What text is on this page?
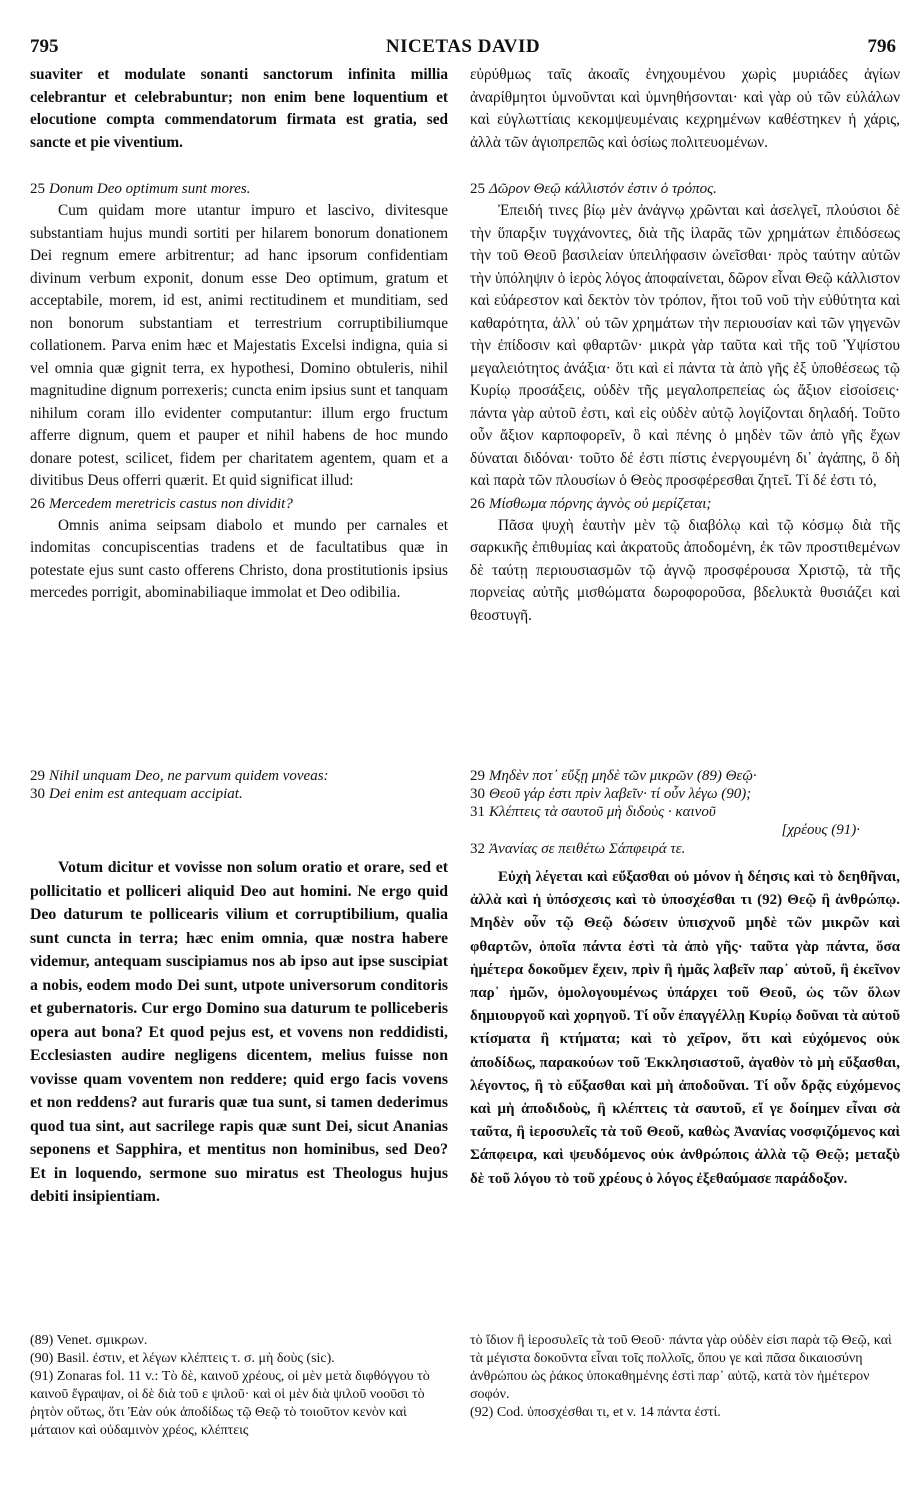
795	NICETAS DAVID	796

suaviter et modulate sonanti sanctorum infinita millia celebrantur et celebrabuntur; non enim bene loquentium et elocutione compta commendatorum firmata est gratia, sed sancte et pie viventium.

25 Donum Deo optimum sunt mores.

Cum quidam more utantur impuro et lascivo, divitesque substantiam hujus mundi sortiti per hilarem bonorum donationem Dei regnum emere arbitrentur; ad hanc ipsorum confidentiam divinum verbum exponit, donum esse Deo optimum, gratum et acceptabile, morem, id est, animi rectitudinem et munditiam, sed non bonorum substantiam et terrestrium corruptibiliumque collationem. Parva enim hæc et Majestatis Excelsi indigna, quia si vel omnia quæ gignit terra, ex hypothesi, Domino obtuleris, nihil magnitudine dignum porrexeris; cuncta enim ipsius sunt et tanquam nihilum coram illo evidenter computantur: illum ergo fructum afferre dignum, quem et pauper et nihil habens de hoc mundo donare potest, scilicet, fidem per charitatem agentem, quam et a divitibus Deus offerri quærit. Et quid significat illud:

26 Mercedem meretricis castus non dividit?

Omnis anima seipsam diabolo et mundo per carnales et indomitas concupiscentias tradens et de facultatibus quæ in potestate ejus sunt casto offerens Christo, dona prostitutionis ipsius mercedes porrigit, abominabiliaque immolat et Deo odibilia.

29 Nihil unquam Deo, ne parvum quidem voveas:

30 Dei enim est antequam accipiat.

Votum dicitur et vovisse non solum oratio et orare, sed et pollicitatio et polliceri aliquid Deo aut homini. Ne ergo quid Deo daturum te pollicearis vilium et corruptibilium, qualia sunt cuncta in terra; hæc enim omnia, quæ nostra habere videmur, antequam suscipiamus nos ab ipso aut ipse suscipiat a nobis, eodem modo Dei sunt, utpote universorum conditoris et gubernatoris. Cur ergo Domino sua daturum te polliceberis opera aut bona? Et quod pejus est, et vovens non reddidisti, Ecclesiasten audire negligens dicentem, melius fuisse non vovisse quam voventem non reddere; quid ergo facis vovens et non reddens? aut furaris quæ tua sunt, si tamen dederimus quod tua sint, aut sacrilege rapis quæ sunt Dei, sicut Ananias seponens et Sapphira, et mentitus non hominibus, sed Deo? Et in loquendo, sermone suo miratus est Theologus hujus debiti insipientiam.

(89) Venet. σμικρων.

(90) Basil. ἐστιν, et λέγων κλέπτεις τ. σ. μὴ δοὺς (sic).

(91) Zonaras fol. 11 v.: Τὸ δὲ, καινοῦ χρέους, οἱ μὲν μετὰ διφθόγγου τὸ καινοῦ ἔγραψαν, οἱ δὲ διὰ τοῦ ε ψιλοῦ· καὶ οἱ μὲν διὰ ψιλοῦ νοοῦσι τὸ ῥητὸν οὕτως, ὅτι Ἐὰν οὐκ ἀποδίδως τῷ Θεῷ τὸ τοιοῦτον κενὸν καὶ μάταιον καὶ οὐδαμινὸν χρέος, κλέπτεις

εὐρύθμως ταῖς ἀκοαῖς ἐνηχουμένου χωρὶς μυριάδες ἁγίων ἀναρίθμητοι ὑμνοῦνται καὶ ὑμνηθήσονται· καὶ γὰρ οὐ τῶν εὐλάλων καὶ εὐγλωττίαις κεκομψευμέναις κεχρημένων καθέστηκεν ἡ χάρις, ἀλλὰ τῶν ἁγιοπρεπῶς καὶ ὁσίως πολιτευομένων.

25 Δῶρον Θεῷ κάλλιστόν ἐστιν ὁ τρόπος.

Ἐπειδή τινες βίῳ μὲν ἀνάγνῳ χρῶνται καὶ ἀσελγεῖ, πλούσιοι δὲ τὴν ὕπαρξιν τυγχάνοντες, διὰ τῆς ἱλαρᾶς τῶν χρημάτων ἐπιδόσεως τὴν τοῦ Θεοῦ βασιλείαν ὑπειλήφασιν ὠνεῖσθαι· πρὸς ταύτην αὐτῶν τὴν ὑπόληψιν ὁ ἱερὸς λόγος ἀποφαίνεται, δῶρον εἶναι Θεῷ κάλλιστον καὶ εὐάρεστον καὶ δεκτὸν τὸν τρόπον, ἤτοι τοῦ νοῦ τὴν εὐθύτητα καὶ καθαρότητα, ἀλλ᾽ οὐ τῶν χρημάτων τὴν περιουσίαν καὶ τῶν γηγενῶν τὴν ἐπίδοσιν καὶ φθαρτῶν· μικρὰ γὰρ ταῦτα καὶ τῆς τοῦ Ὑψίστου μεγαλειότητος ἀνάξια· ὅτι καὶ εἰ πάντα τὰ ἀπὸ γῆς ἐξ ὑποθέσεως τῷ Κυρίῳ προσάξεις, οὐδὲν τῆς μεγαλοπρεπείας ὡς ἄξιον εἰσοίσεις· πάντα γὰρ αὐτοῦ ἐστι, καὶ εἰς οὐδὲν αὐτῷ λογίζονται δηλαδή. Τοῦτο οὖν ἄξιον καρποφορεῖν, ὃ καὶ πένης ὁ μηδὲν τῶν ἀπὸ γῆς ἔχων δύναται διδόναι· τοῦτο δέ ἐστι πίστις ἐνεργουμένη δι᾽ ἀγάπης, ὃ δὴ καὶ παρὰ τῶν πλουσίων ὁ Θεὸς προσφέρεσθαι ζητεῖ. Τί δέ ἐστι τό,

26 Μίσθωμα πόρνης ἁγνὸς οὐ μερίζεται;

Πᾶσα ψυχὴ ἑαυτὴν μὲν τῷ διαβόλῳ καὶ τῷ κόσμῳ διὰ τῆς σαρκικῆς ἐπιθυμίας καὶ ἀκρατοῦς ἀποδομένη, ἐκ τῶν προστιθεμένων δὲ ταύτῃ περιουσιασμῶν τῷ ἁγνῷ προσφέρουσα Χριστῷ, τὰ τῆς πορνείας αὐτῆς μισθώματα δωροφοροῦσα, βδελυκτὰ θυσιάζει καὶ θεοστυγῆ.

29 Μηδὲν ποτ᾽ εὔξῃ μηδὲ τῶν μικρῶν (89) Θεῷ·

30 Θεοῦ γάρ ἐστι πρὶν λαβεῖν· τί οὖν λέγω (90);

31 Κλέπτεις τὰ σαυτοῦ μὴ διδοὺς · καινοῦ

[χρέους (91)·

32 Ἀνανίας σε πειθέτω Σάπφειρά τε.

Εὐχὴ λέγεται καὶ εὔξασθαι οὐ μόνον ἡ δέησις καὶ τὸ δεηθῆναι, ἀλλὰ καὶ ἡ ὑπόσχεσις καὶ τὸ ὑποσχέσθαι τι (92) Θεῷ ἢ ἀνθρώπῳ. Μηδὲν οὖν τῷ Θεῷ δώσειν ὑπισχνοῦ μηδὲ τῶν μικρῶν καὶ φθαρτῶν, ὁποῖα πάντα ἐστὶ τὰ ἀπὸ γῆς· ταῦτα γὰρ πάντα, ὅσα ἡμέτερα δοκοῦμεν ἔχειν, πρὶν ἢ ἡμᾶς λαβεῖν παρ᾽ αὐτοῦ, ἢ ἐκεῖνον παρ᾽ ἡμῶν, ὁμολογουμένως ὑπάρχει τοῦ Θεοῦ, ὡς τῶν ὅλων δημιουργοῦ καὶ χορηγοῦ. Τί οὖν ἐπαγγέλλῃ Κυρίῳ δοῦναι τὰ αὐτοῦ κτίσματα ἢ κτήματα; καὶ τὸ χεῖρον, ὅτι καὶ εὐχόμενος οὐκ ἀποδίδως, παρακούων τοῦ Ἐκκλησιαστοῦ, ἀγαθὸν τὸ μὴ εὔξασθαι, λέγοντος, ἢ τὸ εὔξασθαι καὶ μὴ ἀποδοῦναι. Τί οὖν δρᾷς εὐχόμενος καὶ μὴ ἀποδιδοὺς, ἢ κλέπτεις τὰ σαυτοῦ, εἴ γε δοίημεν εἶναι σὰ ταῦτα, ἢ ἱεροσυλεῖς τὰ τοῦ Θεοῦ, καθὼς Ἀνανίας νοσφιζόμενος καὶ Σάπφειρα, καὶ ψευδόμενος οὐκ ἀνθρώποις ἀλλὰ τῷ Θεῷ; μεταξὺ δὲ τοῦ λόγου τὸ τοῦ χρέους ὁ λόγος ἐξεθαύμασε παράδοξον.

τὸ ἴδιον ἢ ἱεροσυλεῖς τὰ τοῦ Θεοῦ· πάντα γὰρ οὐδὲν εἰσι παρὰ τῷ Θεῷ, καὶ τὰ μέγιστα δοκοῦντα εἶναι τοῖς πολλοῖς, ὅπου γε καὶ πᾶσα δικαιοσύνη ἀνθρώπου ὡς ῥάκος ὑποκαθημένης ἐστὶ παρ᾽ αὐτῷ, κατὰ τὸν ἡμέτερον σοφόν.

(92) Cod. ὑποσχέσθαι τι, et v. 14 πάντα ἐστί.
